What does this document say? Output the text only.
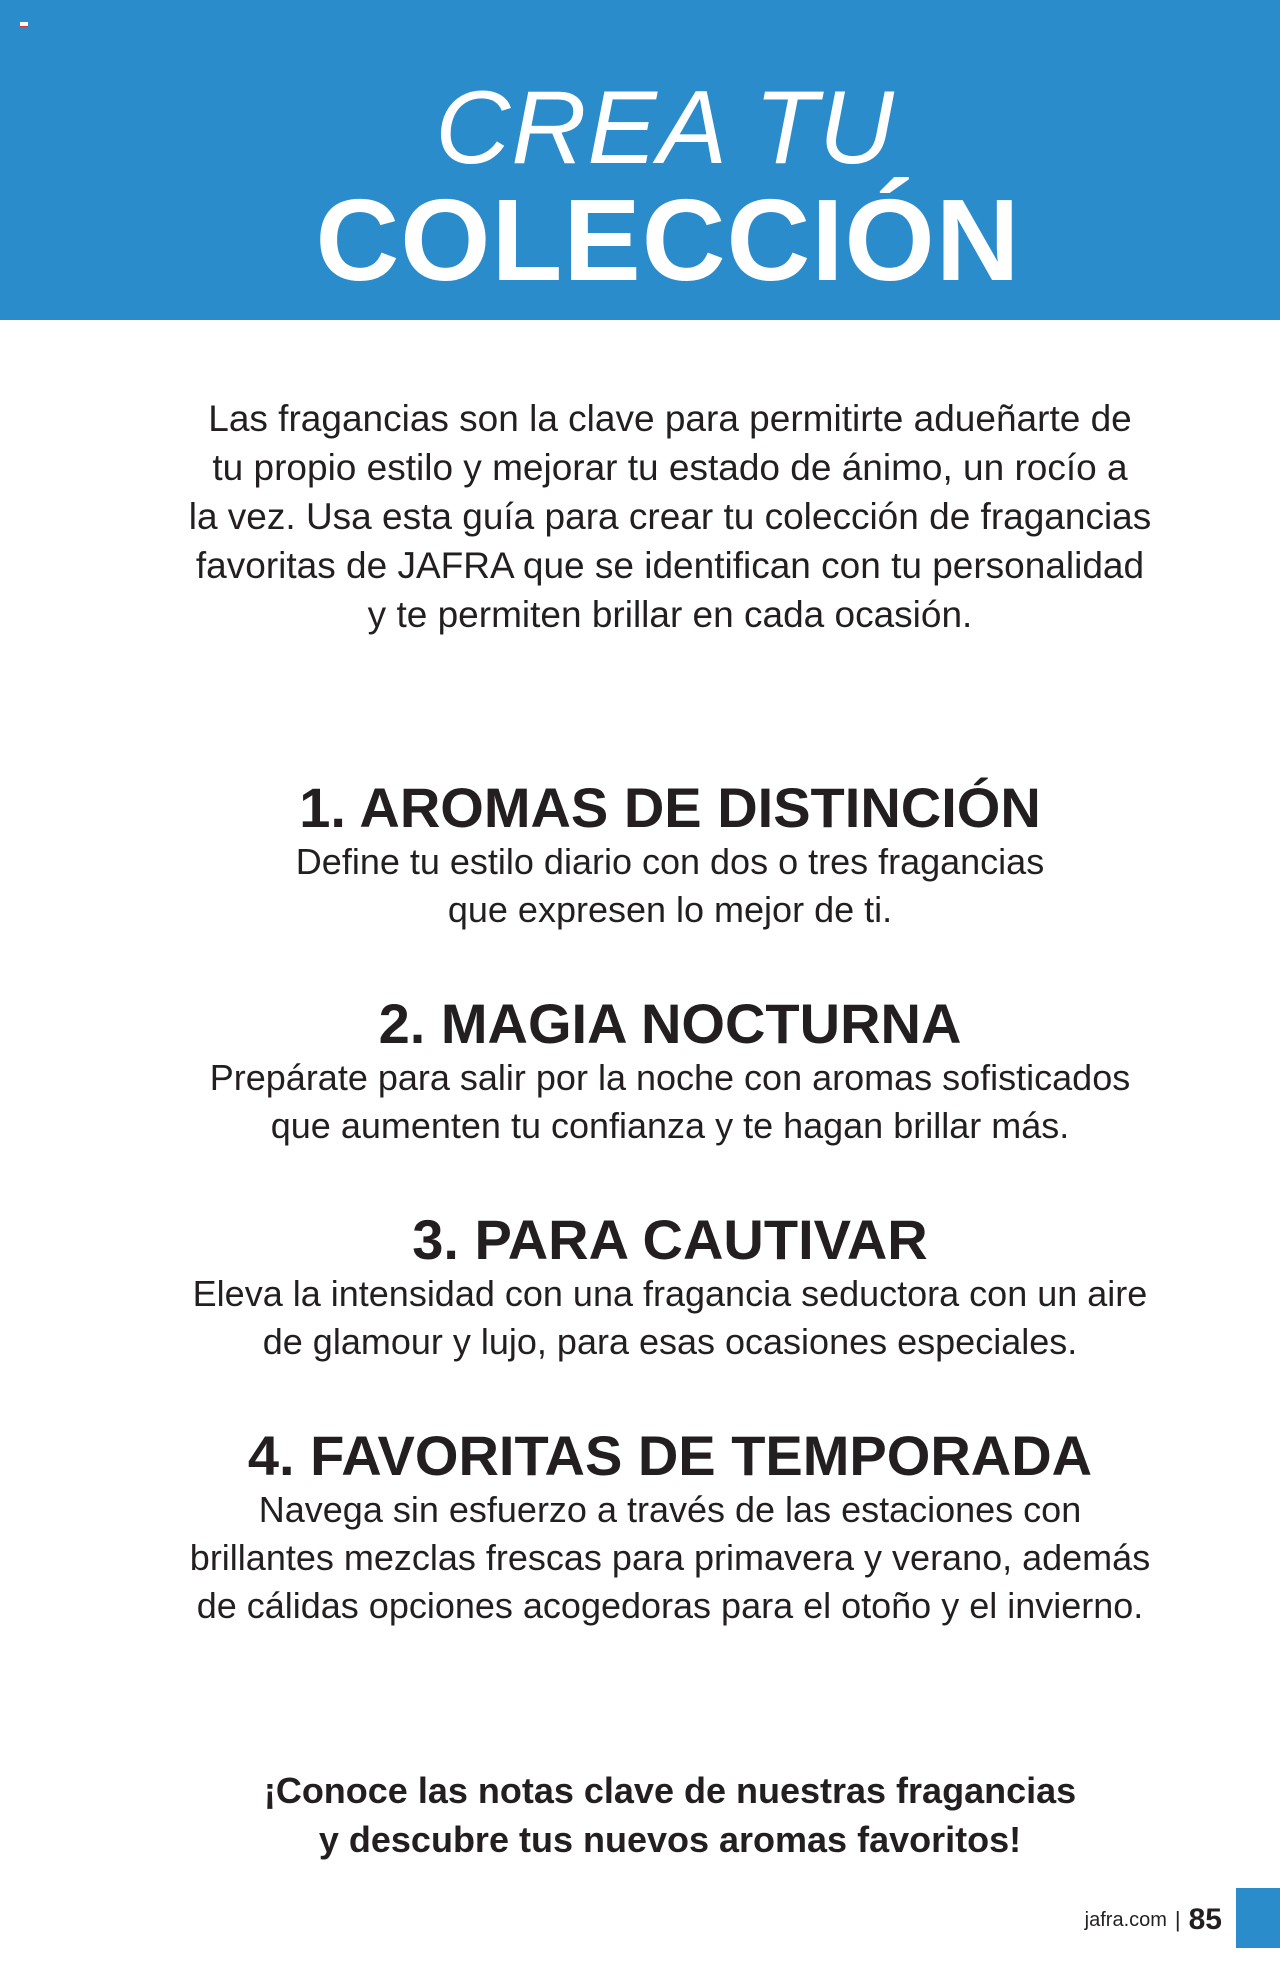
CREA TU
COLECCIÓN
Las fragancias son la clave para permitirte adueñarte de
tu propio estilo y mejorar tu estado de ánimo, un rocío a
la vez. Usa esta guía para crear tu colección de fragancias
favoritas de JAFRA que se identifican con tu personalidad
y te permiten brillar en cada ocasión.
1. AROMAS DE DISTINCIÓN

Define tu estilo diario con dos o tres fragancias

que expresen lo mejor de ti.

2. MAGIA NOCTURNA

Prepárate para salir por la noche con aromas sofisticados

que aumenten tu confianza y te hagan brillar más.

3. PARA CAUTIVAR

Eleva la intensidad con una fragancia seductora con un aire

de glamour y lujo, para esas ocasiones especiales.

4. FAVORITAS DE TEMPORADA

Navega sin esfuerzo a través de las estaciones con

brillantes mezclas frescas para primavera y verano, además

de cálidas opciones acogedoras para el otoño y el invierno.

¡Conoce las notas clave de nuestras fragancias
y descubre tus nuevos aromas favoritos!
jafra.com | 85
